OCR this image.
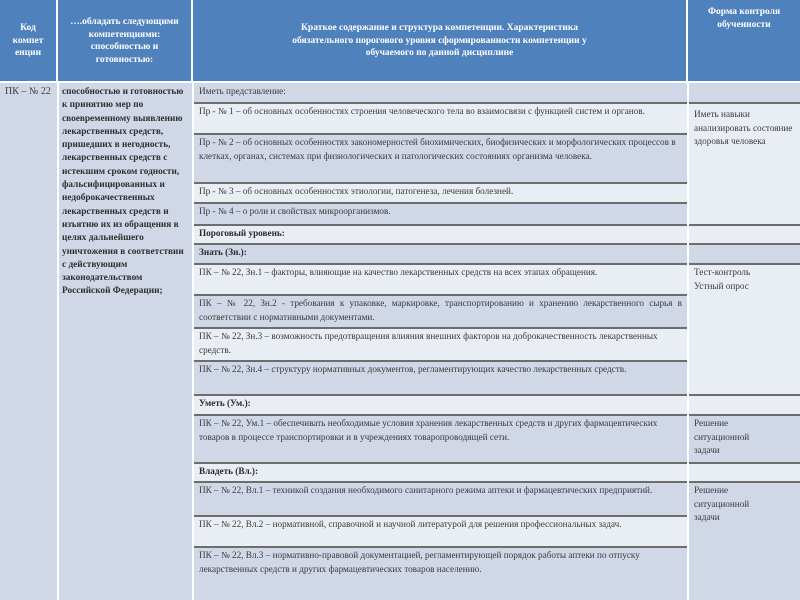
Код компет енции
….обладать следующими компетенциями: способностью и готовностью:
Краткое содержание и структура компетенции. Характеристика обязательного порогового уровня сформированности компетенции у обучаемого по данной дисциплине
Форма контроля обученности
ПК – № 22	способностью и готовностью к принятию мер по своевременному выявлению лекарственных средств, пришедших в негодность, лекарственных средств с истекшим сроком годности, фальсифицированных и недоброкачественных лекарственных средств и изъятию их из обращения в целях дальнейшего уничтожения в соответствии с действующим законодательством Российской Федерации;
Иметь представление:
Пр - № 1 – об основных особенностях строения человеческого тела во взаимосвязи с функцией систем и органов.
Пр - № 2 – об основных особенностях закономерностей биохимических, биофизических и морфологических процессов в клетках, органах, системах при физиологических и патологических состояниях организма человека.
Пр - № 3 – об основных особенностях этиологии, патогенеза, лечения болезней.
Пр - № 4 – о роли и свойствах микроорганизмов.
Пороговый уровень:
Знать (Зн.):
ПК – № 22, Зн.1 – факторы, влияющие на качество лекарственных средств на всех этапах обращения.
ПК – № 22, Зн.2 - требования к упаковке, маркировке, транспортированию и хранению лекарственного сырья в соответствии с нормативными документами.
ПК – № 22, Зн.3 – возможность предотвращения влияния внешних факторов на доброкачественность лекарственных средств.
ПК – № 22, Зн.4 – структуру нормативных документов, регламентирующих качество лекарственных средств.
Уметь (Ум.):
ПК – № 22, Ум.1 – обеспечивать необходимые условия хранения лекарственных средств и других фармацевтических товаров в процессе транспортировки и в учреждениях товаропроводящей сети.
Владеть (Вл.):
ПК – № 22, Вл.1 – техникой создания необходимого санитарного режима аптеки и фармацевтических предприятий.
ПК – № 22, Вл.2 – нормативной, справочной и научной литературой для решения профессиональных задач.
ПК – № 22, Вл.3 – нормативно-правовой документацией, регламентирующей порядок работы аптеки по отпуску лекарственных средств и других фармацевтических товаров населению.
Иметь навыки анализировать состояние здоровья человека
Тест-контроль Устный опрос
Решение ситуационной задачи
Решение ситуационной задачи
